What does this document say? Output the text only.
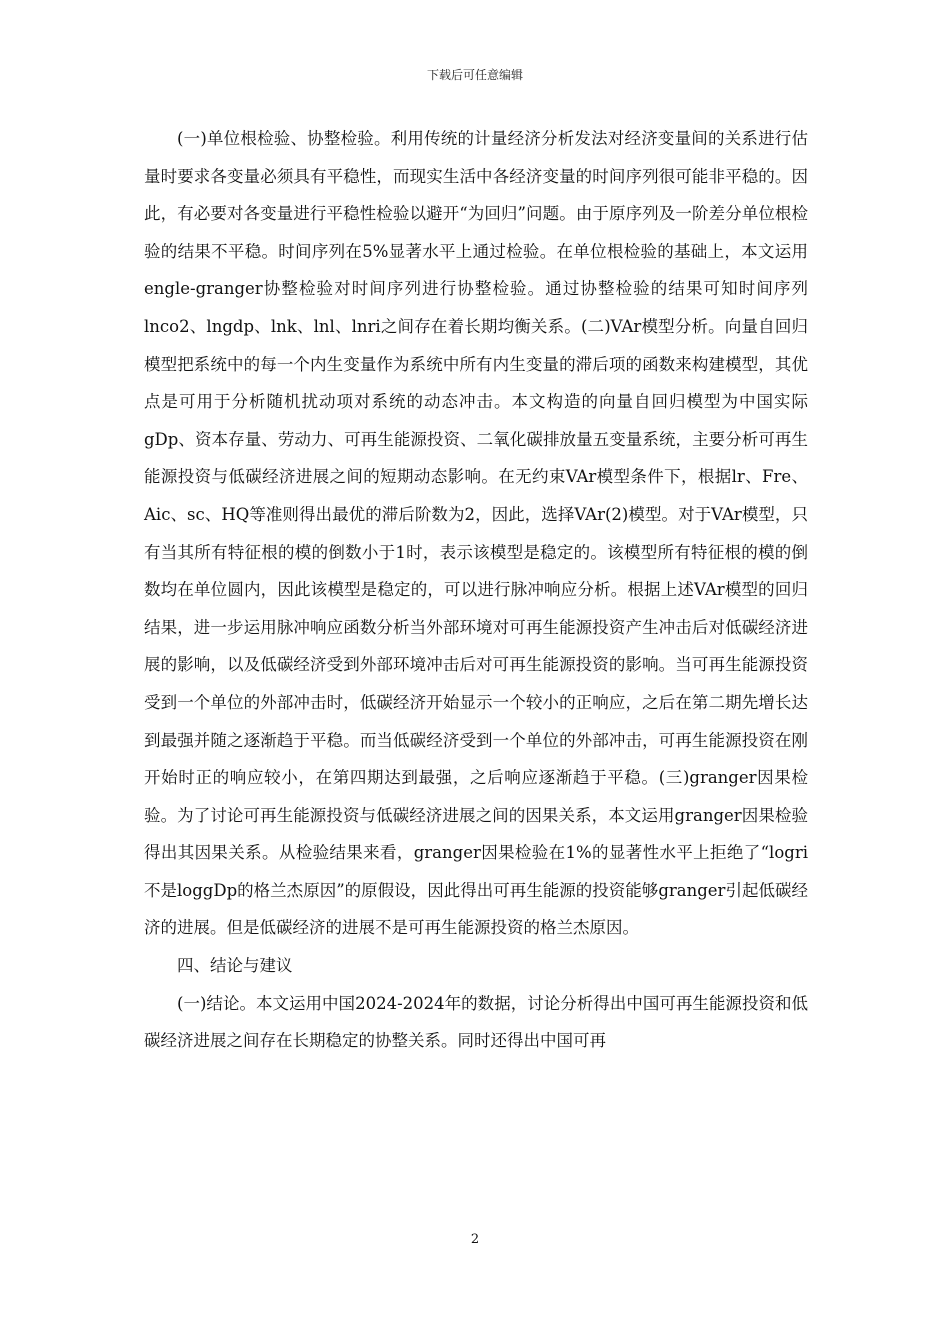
下载后可任意编辑

(一)单位根检验、协整检验。利用传统的计量经济分析发法对经济变量间的关系进行估量时要求各变量必须具有平稳性，而现实生活中各经济变量的时间序列很可能非平稳的。因此，有必要对各变量进行平稳性检验以避开“为回归”问题。由于原序列及一阶差分单位根检验的结果不平稳。时间序列在5%显著水平上通过检验。在单位根检验的基础上，本文运用engle-granger协整检验对时间序列进行协整检验。通过协整检验的结果可知时间序列lnco2、lngdp、lnk、lnl、lnri之间存在着长期均衡关系。(二)VAr模型分析。向量自回归模型把系统中的每一个内生变量作为系统中所有内生变量的滞后项的函数来构建模型，其优点是可用于分析随机扰动项对系统的动态冲击。本文构造的向量自回归模型为中国实际gDp、资本存量、劳动力、可再生能源投资、二氧化碳排放量五变量系统，主要分析可再生能源投资与低碳经济进展之间的短期动态影响。在无约束VAr模型条件下，根据lr、Fre、Aic、sc、HQ等准则得出最优的滞后阶数为2，因此，选择VAr(2)模型。对于VAr模型，只有当其所有特征根的模的倒数小于1时，表示该模型是稳定的。该模型所有特征根的模的倒数均在单位圆内，因此该模型是稳定的，可以进行脉冲响应分析。根据上述VAr模型的回归结果，进一步运用脉冲响应函数分析当外部环境对可再生能源投资产生冲击后对低碳经济进展的影响，以及低碳经济受到外部环境冲击后对可再生能源投资的影响。当可再生能源投资受到一个单位的外部冲击时，低碳经济开始显示一个较小的正响应，之后在第二期先增长达到最强并随之逐渐趋于平稳。而当低碳经济受到一个单位的外部冲击，可再生能源投资在刚开始时正的响应较小，在第四期达到最强，之后响应逐渐趋于平稳。(三)granger因果检验。为了讨论可再生能源投资与低碳经济进展之间的因果关系，本文运用granger因果检验得出其因果关系。从检验结果来看，granger因果检验在1%的显著性水平上拒绝了“logri不是loggDp的格兰杰原因”的原假设，因此得出可再生能源的投资能够granger引起低碳经济的进展。但是低碳经济的进展不是可再生能源投资的格兰杰原因。

四、结论与建议

(一)结论。本文运用中国2024-2024年的数据，讨论分析得出中国可再生能源投资和低碳经济进展之间存在长期稳定的协整关系。同时还得出中国可再

2
